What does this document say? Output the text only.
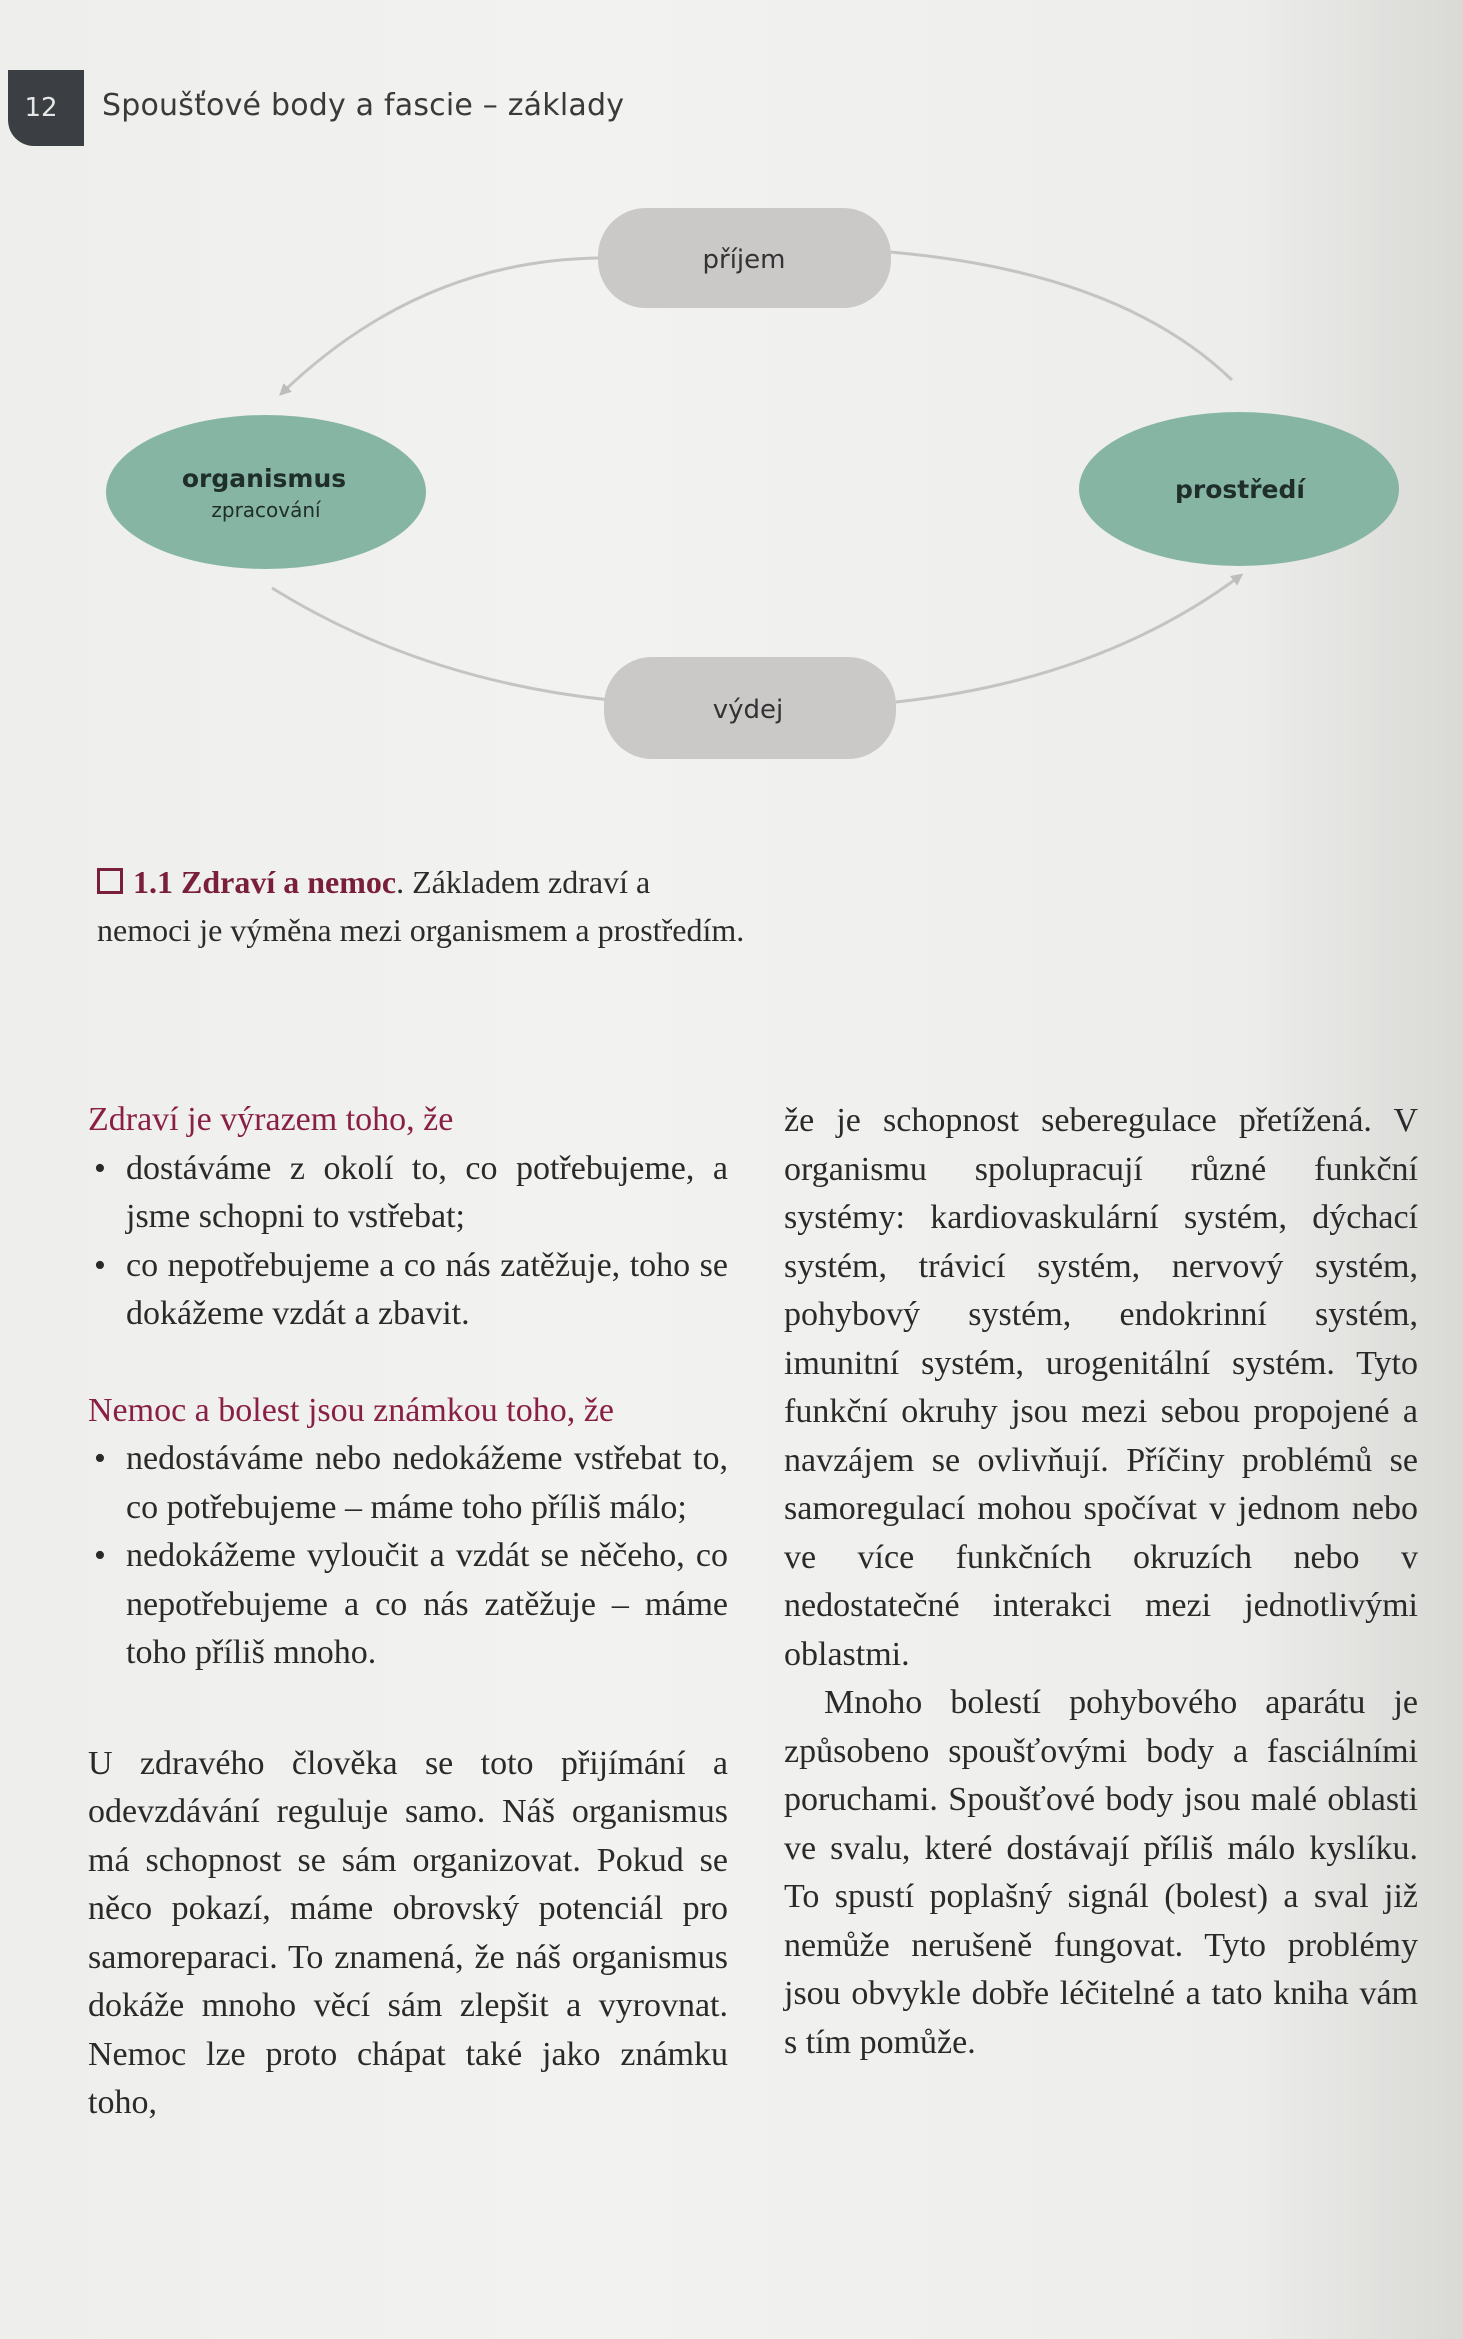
12 Spoušťové body a fascie – základy
příjem
organismus
zpracování
prostředí
výdej
1.1 Zdraví a nemoc. Základem zdraví a nemoci je výměna mezi organismem a prostředím.

Zdraví je výrazem toho, že

• dostáváme z okolí to, co potřebujeme, a jsme schopni to vstřebat;
• co nepotřebujeme a co nás zatěžuje, toho se dokážeme vzdát a zbavit.

Nemoc a bolest jsou známkou toho, že

• nedostáváme nebo nedokážeme vstřebat to, co potřebujeme – máme toho příliš málo;
• nedokážeme vyloučit a vzdát se něčeho, co nepotřebujeme a co nás zatěžuje – máme toho příliš mnoho.

U zdravého člověka se toto přijímání a odevzdávání reguluje samo. Náš organismus má schopnost se sám organizovat. Pokud se něco pokazí, máme obrovský potenciál pro samoreparaci. To znamená, že náš organismus dokáže mnoho věcí sám zlepšit a vyrovnat. Nemoc lze proto chápat také jako známku toho,

že je schopnost seberegulace přetížená. V organismu spolupracují různé funkční systémy: kardiovaskulární systém, dýchací systém, trávicí systém, nervový systém, pohybový systém, endokrinní systém, imunitní systém, urogenitální systém. Tyto funkční okruhy jsou mezi sebou propojené a navzájem se ovlivňují. Příčiny problémů se samoregulací mohou spočívat v jednom nebo ve více funkčních okruzích nebo v nedostatečné interakci mezi jednotlivými oblastmi.

Mnoho bolestí pohybového aparátu je způsobeno spoušťovými body a fasciálními poruchami. Spoušťové body jsou malé oblasti ve svalu, které dostávají příliš málo kyslíku. To spustí poplašný signál (bolest) a sval již nemůže nerušeně fungovat. Tyto problémy jsou obvykle dobře léčitelné a tato kniha vám s tím pomůže.
